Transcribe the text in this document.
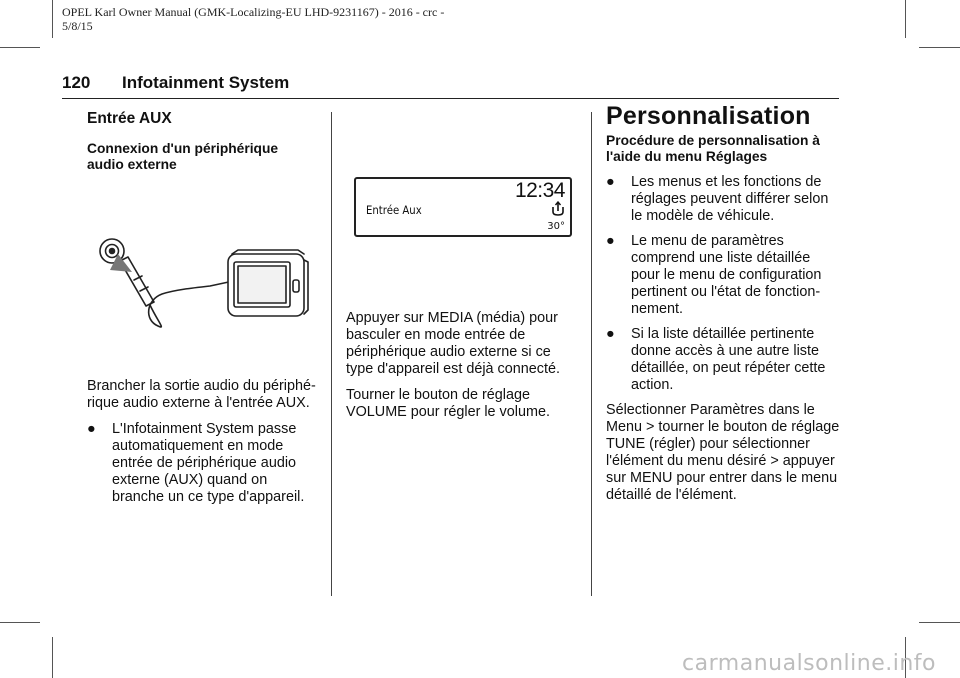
OPEL Karl Owner Manual (GMK-Localizing-EU LHD-9231167) - 2016 - crc -
5/8/15
120 Infotainment System
Entrée AUX
Connexion d'un périphérique
audio externe
Brancher la sortie audio du périphé-
rique audio externe à l'entrée AUX.
●	L'Infotainment System passe
automatiquement en mode
entrée de périphérique audio
externe (AUX) quand on
branche un ce type d'appareil.
12:34
Entrée Aux
30°
Appuyer sur MEDIA (média) pour
basculer en mode entrée de
périphérique audio externe si ce
type d'appareil est déjà connecté.
Tourner le bouton de réglage
VOLUME pour régler le volume.
Personnalisation
Procédure de personnalisation à
l'aide du menu Réglages
●	Les menus et les fonctions de
réglages peuvent différer selon
le modèle de véhicule.
●	Le menu de paramètres
comprend une liste détaillée
pour le menu de configuration
pertinent ou l'état de fonction-
nement.
●	Si la liste détaillée pertinente
donne accès à une autre liste
détaillée, on peut répéter cette
action.
Sélectionner Paramètres dans le
Menu > tourner le bouton de réglage
TUNE (régler) pour sélectionner
l'élément du menu désiré > appuyer
sur MENU pour entrer dans le menu
détaillé de l'élément.
carmanualsonline.info
